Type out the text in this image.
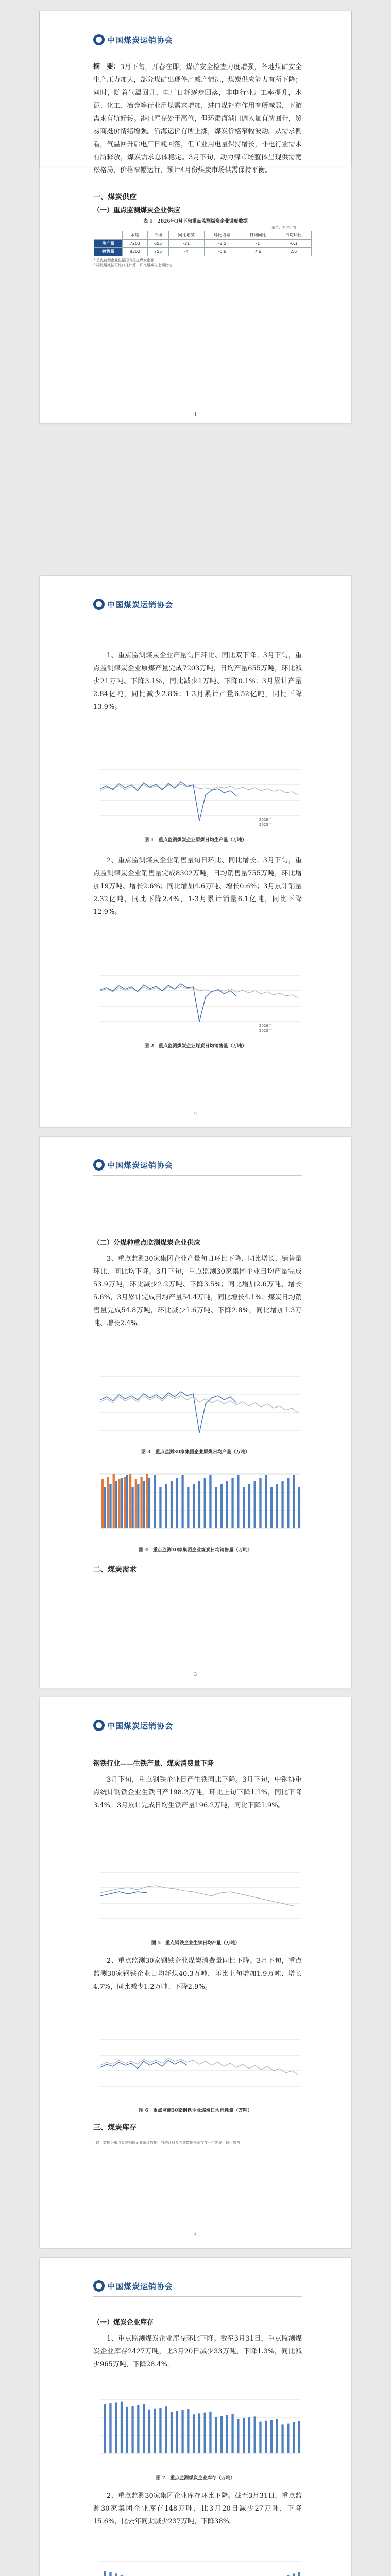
中国煤炭运销协会
摘　要： 3月下旬，开春在即，煤矿安全检查力度增强，各地煤矿安全生产压力加大，部分煤矿出现停产减产情况，煤炭供应能力有所下降；同时，随着气温回升，电厂日耗逐步回落，非电行业开工率提升，水泥、化工、冶金等行业用煤需求增加，进口煤补充作用有所减弱，下游需求有所好转。港口库存处于高位，但环渤海港口调入量有所回升，贸易商挺价情绪增强。沿海运价有所上涨，煤炭价格窄幅波动。从需求侧看，气温回升后电厂日耗回落，但工业用电量保持增长，非电行业需求有所释放，煤炭需求总体稳定。3月下旬，动力煤市场整体呈现供需宽松格局，价格窄幅运行，预计4月份煤炭市场供需保持平衡。
一、煤炭供应
（一）重点监测煤炭企业供应
表 1　2026年3月下旬重点监测煤炭企业调度数据
单位：万吨，%
	本期	日均	同比增减	环比增减	日均同比	日均环比
生产量	7203	655	-21	-3.5	-1	-0.1
销售量	8302	755	-4	-0.6	7.6	2.6
¹ 重点监测企业包括国有重点煤炭企业
² 同比增减按可比口径计算，环比增减与上期比较
1
中国煤炭运销协会
1、重点监测煤炭企业产量旬日环比、同比双下降。3月下旬，重点监测煤炭企业原煤产量完成7203万吨，日均产量655万吨，环比减少21万吨、下降3.1%，同比减少1万吨、下降0.1%；3月累计产量2.84亿吨，同比减少2.8%；1-3月累计产量6.52亿吨，同比下降13.9%。
2026年
2025年
图 1　重点监测煤炭企业原煤日均生产量（万吨）
2、重点监测煤炭企业销售量旬日环比、同比增长。3月下旬，重点监测煤炭企业销售量完成8302万吨，日均销售量755万吨，环比增加19万吨、增长2.6%；同比增加4.6万吨、增长0.6%；3月累计销量2.32亿吨，同比下降2.4%，1-3月累计销量6.1亿吨，同比下降12.9%。
2026年
2025年
图 2　重点监测煤炭企业煤炭日均销售量（万吨）
2
中国煤炭运销协会
（二）分煤种重点监测煤炭企业供应
3、重点监测30家集团企业产量旬日环比下降、同比增长，销售量环比、同比均下降。3月下旬，重点监测30家集团企业日均产量完成53.9万吨，环比减少2.2万吨、下降3.5%；同比增加2.6万吨、增长5.6%，3月累计完成日均产量54.4万吨，同比增长4.1%；煤炭日均销售量完成54.8万吨，环比减少1.6万吨、下降2.8%，同比增加1.3万吨、增长2.4%。
图 3　重点监测30家集团企业原煤日均产量（万吨）
图 4　重点监测30家集团企业煤炭日均销售量（万吨）
二、煤炭需求
3
中国煤炭运销协会
钢铁行业——生铁产量、煤炭消费量下降
3月下旬，重点钢铁企业日产生铁同比下降。3月下旬，中钢协重点统计钢铁企业生铁日产198.2万吨，环比上旬下降1.1%，同比下降3.4%。3月累计完成日均生铁产量196.2万吨，同比下降1.9%。
图 5　重点钢铁企业生铁日均产量（万吨）
2、重点监测30家钢铁企业煤炭消费量同比下降。3月下旬，重点监测30家钢铁企业日均耗煤40.3万吨，环比上旬增加1.9万吨、增长4.7%，同比减少1.2万吨、下降2.9%。
图 6　重点监测30家钢铁企业煤炭日均消耗量（万吨）
三、煤炭库存
¹ 以上数据为重点监测钢铁企业统计数据，与统计局及其他数据来源存在一定差异，仅供参考
4
中国煤炭运销协会
（一）煤炭企业库存
1、重点监测煤炭企业库存环比下降。截至3月31日，重点监测煤炭企业库存2427万吨，比3月20日减少33万吨，下降1.3%，同比减少965万吨，下降28.4%。
图 7　重点监测煤炭企业库存（万吨）
2、重点监测30家集团企业库存环比下降。截至3月31日，重点监测30家集团企业库存148万吨，比3月20日减少27万吨，下降15.6%，比去年同期减少237万吨，下降38%。
